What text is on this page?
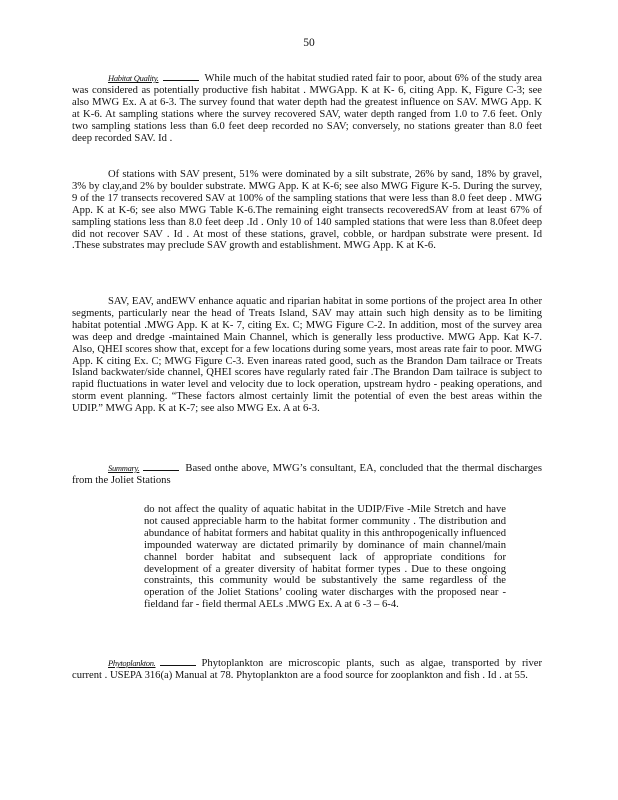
50

Habitat Quality.	While much of the habitat studied rated fair to poor, about 6% of the study area was considered as potentially productive fish habitat . MWGApp. K at K- 6, citing App. K, Figure C-3; see also MWG Ex. A at 6-3. The survey found that water depth had the greatest influence on SAV. MWG App. K at K-6. At sampling stations where the survey recovered SAV, water depth ranged from 1.0 to 7.6 feet. Only two sampling stations less than 6.0 feet deep recorded no SAV; conversely, no stations greater than 8.0 feet deep recorded SAV. Id .

Of stations with SAV present, 51% were dominated by a silt substrate, 26% by sand, 18% by gravel, 3% by clay,and 2% by boulder substrate. MWG App. K at K-6; see also MWG Figure K-5. During the survey, 9 of the 17 transects recovered SAV at 100% of the sampling stations that were less than 8.0 feet deep . MWG App. K at K-6; see also MWG Table K-6.The remaining eight transects recoveredSAV from at least 67% of sampling stations less than 8.0 feet deep .Id . Only 10 of 140 sampled stations that were less than 8.0feet deep did not recover SAV . Id . At most of these stations, gravel, cobble, or hardpan substrate were present. Id .These substrates may preclude SAV growth and establishment. MWG App. K at K-6.

SAV, EAV, andEWV enhance aquatic and riparian habitat in some portions of the project area In other segments, particularly near the head of Treats Island, SAV may attain such high density as to be limiting habitat potential .MWG App. K at K- 7, citing Ex. C; MWG Figure C-2. In addition, most of the survey area was deep and dredge -maintained Main Channel, which is generally less productive. MWG App. Kat K-7. Also, QHEI scores show that, except for a few locations during some years, most areas rate fair to poor. MWG App. K citing Ex. C; MWG Figure C-3. Even inareas rated good, such as the Brandon Dam tailrace or Treats Island backwater/side channel, QHEI scores have regularly rated fair .The Brandon Dam tailrace is subject to rapid fluctuations in water level and velocity due to lock operation, upstream hydro - peaking operations, and storm event planning. “These factors almost certainly limit the potential of even the best areas within the UDIP.” MWG App. K at K-7; see also MWG Ex. A at 6-3.

Summary.	Based onthe above, MWG’s consultant, EA, concluded that the thermal discharges from the Joliet Stations

do not affect the quality of aquatic habitat in the UDIP/Five -Mile Stretch and have not caused appreciable harm to the habitat former community . The distribution and abundance of habitat formers and habitat quality in this anthropogenically influenced impounded waterway are dictated primarily by dominance of main channel/main channel border habitat and subsequent lack of appropriate conditions for development of a greater diversity of habitat former types . Due to these ongoing constraints, this community would be substantively the same regardless of the operation of the Joliet Stations’ cooling water discharges with the proposed near - fieldand far - field thermal AELs .MWG Ex. A at 6 -3 – 6-4.

Phytoplankton.	Phytoplankton are microscopic plants, such as algae, transported by river current . USEPA 316(a) Manual at 78. Phytoplankton are a food source for zooplankton and fish . Id . at 55.
